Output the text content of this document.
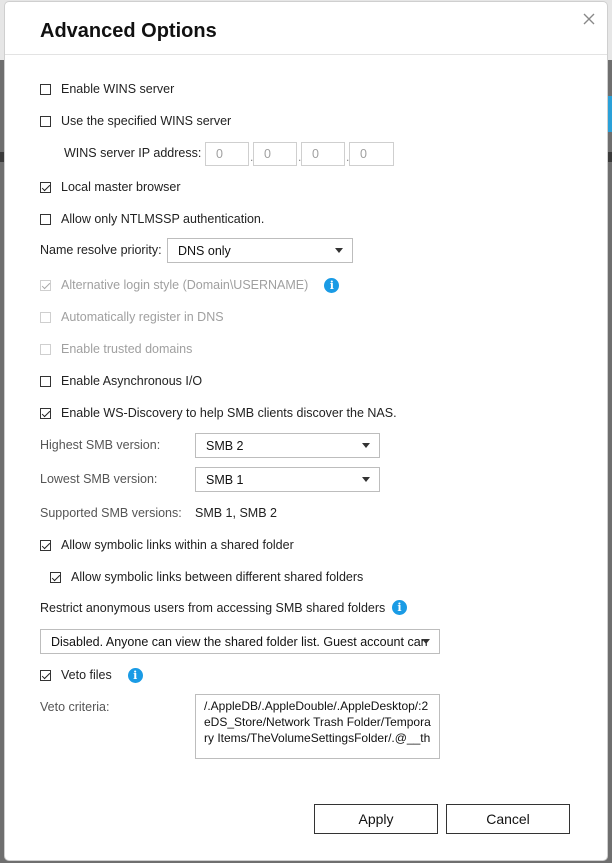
Advanced Options
Enable WINS server
Use the specified WINS server
WINS server IP address:	0	. 0	. 0	. 0
Local master browser
Allow only NTLMSSP authentication.
Name resolve priority: DNS only
Alternative login style (Domain\USERNAME)	i
Automatically register in DNS
Enable trusted domains
Enable Asynchronous I/O
Enable WS-Discovery to help SMB clients discover the NAS.
Highest SMB version:	SMB 2
Lowest SMB version:	SMB 1
Supported SMB versions: SMB 1, SMB 2
Allow symbolic links within a shared folder
Allow symbolic links between different shared folders
Restrict anonymous users from accessing SMB shared folders	i
Disabled. Anyone can view the shared folder list. Guest account can
Veto files	i
Veto criteria:	/.AppleDB/.AppleDouble/.AppleDesktop/:2eDS_Store/Network Trash Folder/Temporary Items/TheVolumeSettingsFolder/.@__th
Apply	Cancel
